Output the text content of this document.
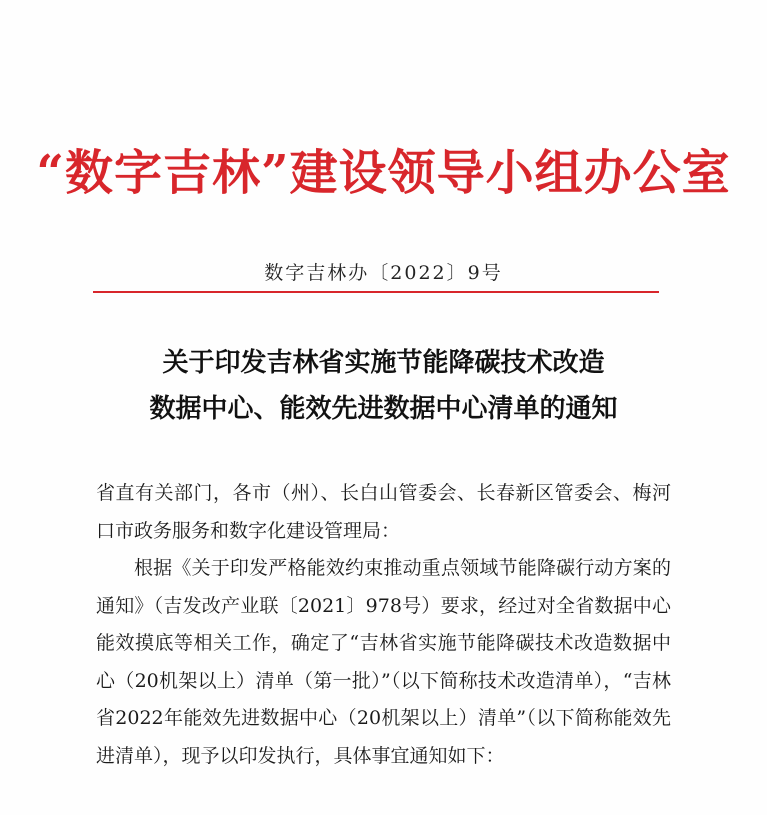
“数字吉林”建设领导小组办公室
数字吉林办〔2022〕9号
关于印发吉林省实施节能降碳技术改造
数据中心、能效先进数据中心清单的通知

省直有关部门，各市（州）、长白山管委会、长春新区管委会、梅河口市政务服务和数字化建设管理局：

根据《关于印发严格能效约束推动重点领域节能降碳行动方案的通知》（吉发改产业联〔2021〕978号）要求，经过对全省数据中心能效摸底等相关工作，确定了“吉林省实施节能降碳技术改造数据中心（20机架以上）清单（第一批）”（以下简称技术改造清单），“吉林省2022年能效先进数据中心（20机架以上）清单”（以下简称能效先进清单），现予以印发执行，具体事宜通知如下：
